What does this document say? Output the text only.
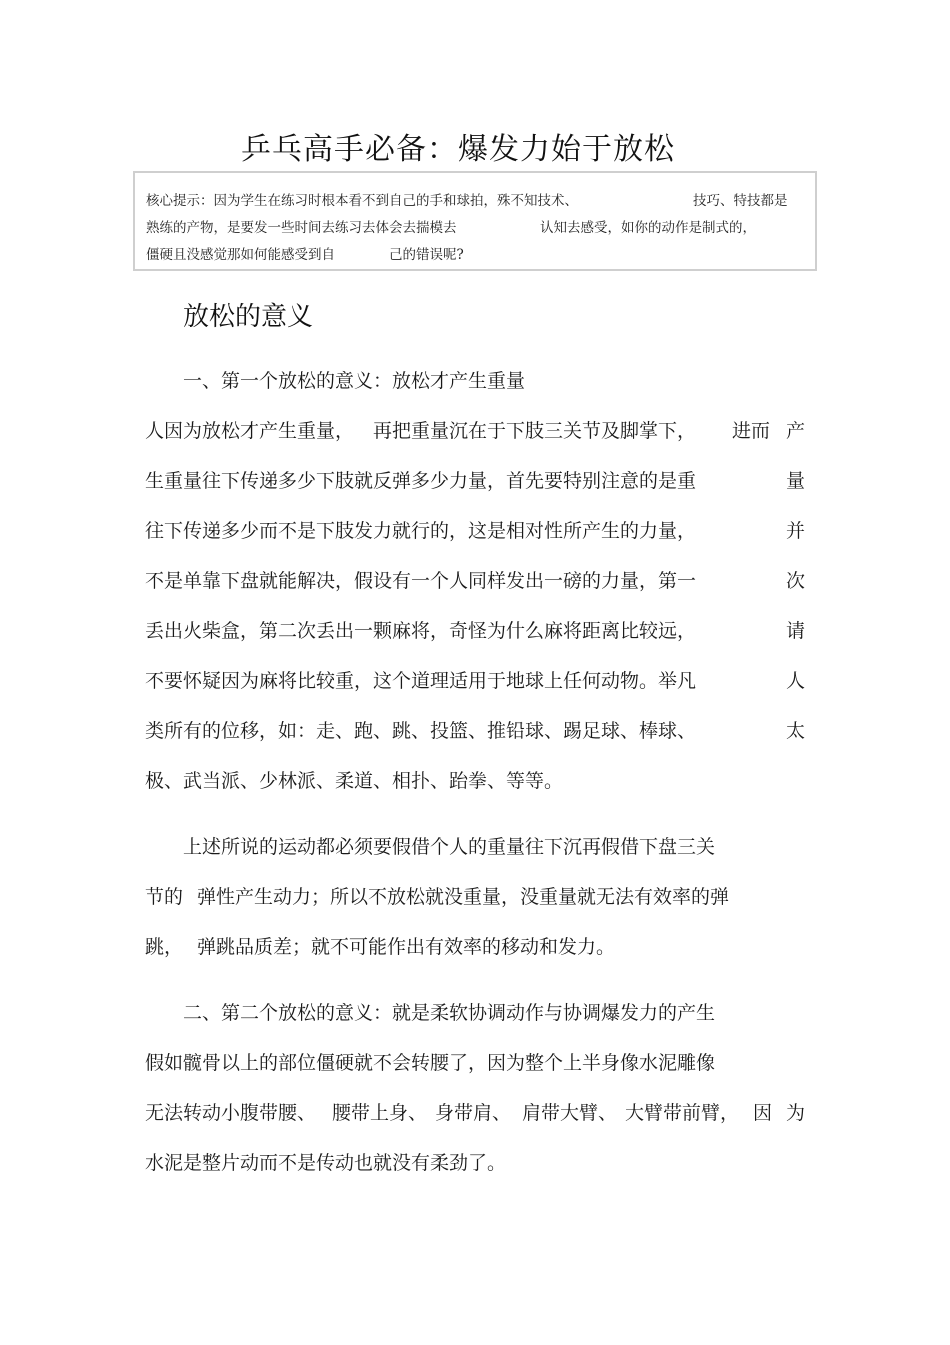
乒乓高手必备：爆发力始于放松
核心提示：因为学生在练习时根本看不到自己的手和球拍，殊不知技术、	技巧、特技都是
熟练的产物，是要发一些时间去练习去体会去揣模去	认知去感受，如你的动作是制式的，
僵硬且没感觉那如何能感受到自	己的错误呢?
放松的意义
一、第一个放松的意义：放松才产生重量
人因为放松才产生重量， 再把重量沉在于下肢三关节及脚掌下， 进而 产
生重量往下传递多少下肢就反弹多少力量，首先要特别注意的是重	量
往下传递多少而不是下肢发力就行的，这是相对性所产生的力量，	并
不是单靠下盘就能解决，假设有一个人同样发出一磅的力量，第一	次
丢出火柴盒，第二次丢出一颗麻将，奇怪为什么麻将距离比较远，	请
不要怀疑因为麻将比较重，这个道理适用于地球上任何动物。举凡	人
类所有的位移，如：走、跑、跳、投篮、推铅球、踢足球、棒球、	太
极、武当派、少林派、柔道、相扑、跆拳、等等。
上述所说的运动都必须要假借个人的重量往下沉再假借下盘三关
节的 弹性产生动力；所以不放松就没重量，没重量就无法有效率的弹
跳， 弹跳品质差；就不可能作出有效率的移动和发力。
二、第二个放松的意义：就是柔软协调动作与协调爆发力的产生
假如髋骨以上的部位僵硬就不会转腰了，因为整个上半身像水泥雕像
无法转动小腹带腰、 腰带上身、 身带肩、 肩带大臂、 大臂带前臂， 因 为
水泥是整片动而不是传动也就没有柔劲了。
